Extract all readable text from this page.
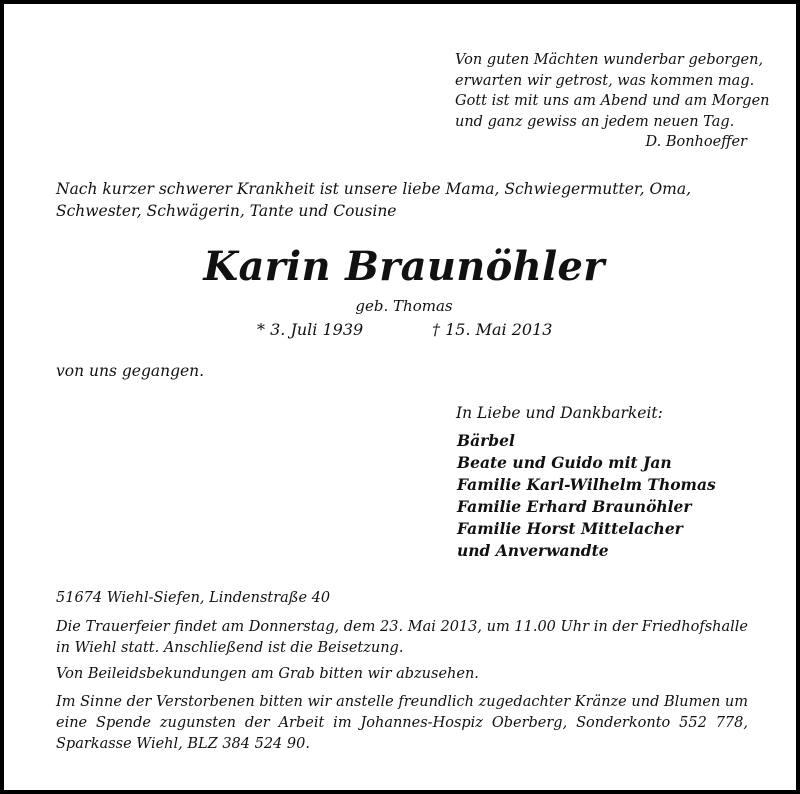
Von guten Mächten wunderbar geborgen,
erwarten wir getrost, was kommen mag.
Gott ist mit uns am Abend und am Morgen
und ganz gewiss an jedem neuen Tag.
D. Bonhoeffer
Nach kurzer schwerer Krankheit ist unsere liebe Mama, Schwiegermutter, Oma, Schwester, Schwägerin, Tante und Cousine
Karin Braunöhler
geb. Thomas
* 3. Juli 1939	† 15. Mai 2013
von uns gegangen.
In Liebe und Dankbarkeit:
Bärbel
Beate und Guido mit Jan
Familie Karl-Wilhelm Thomas
Familie Erhard Braunöhler
Familie Horst Mittelacher
und Anverwandte
51674 Wiehl-Siefen, Lindenstraße 40

Die Trauerfeier findet am Donnerstag, dem 23. Mai 2013, um 11.00 Uhr in der Friedhofshalle in Wiehl statt. Anschließend ist die Beisetzung.

Von Beileidsbekundungen am Grab bitten wir abzusehen.

Im Sinne der Verstorbenen bitten wir anstelle freundlich zugedachter Kränze und Blumen um eine Spende zugunsten der Arbeit im Johannes-Hospiz Oberberg, Sonderkonto 552 778, Sparkasse Wiehl, BLZ 384 524 90.
